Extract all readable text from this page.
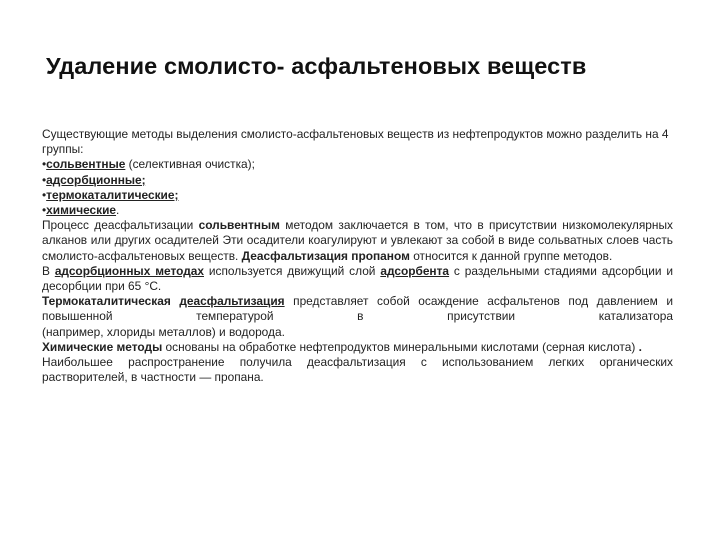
Удаление смолисто- асфальтеновых веществ

Существующие методы выделения смолисто-асфальтеновых веществ из нефтепродуктов можно разделить на 4 группы:

•сольвентные (селективная очистка);

•адсорбционные;

•термокаталитические;

•химические.

Процесс деасфальтизации сольвентным методом заключается в том, что в присутствии низкомолекулярных алканов или других осадителей Эти осадители коагулируют и увлекают за собой в виде сольватных слоев часть смолисто-асфальтеновых веществ. Деасфальтизация пропаном относится к данной группе методов.

В адсорбционных методах используется движущий слой адсорбента с раздельными стадиями адсорбции и десорбции при 65 °С.

Термокаталитическая деасфальтизация представляет собой осаждение асфальтенов под давлением и повышенной температурой в присутствии катализатора

(например, хлориды металлов) и водорода.

Химические методы основаны на обработке нефтепродуктов минеральными кислотами (серная кислота) .

Наибольшее распространение получила деасфальтизация с использованием легких органических растворителей, в частности — пропана.
